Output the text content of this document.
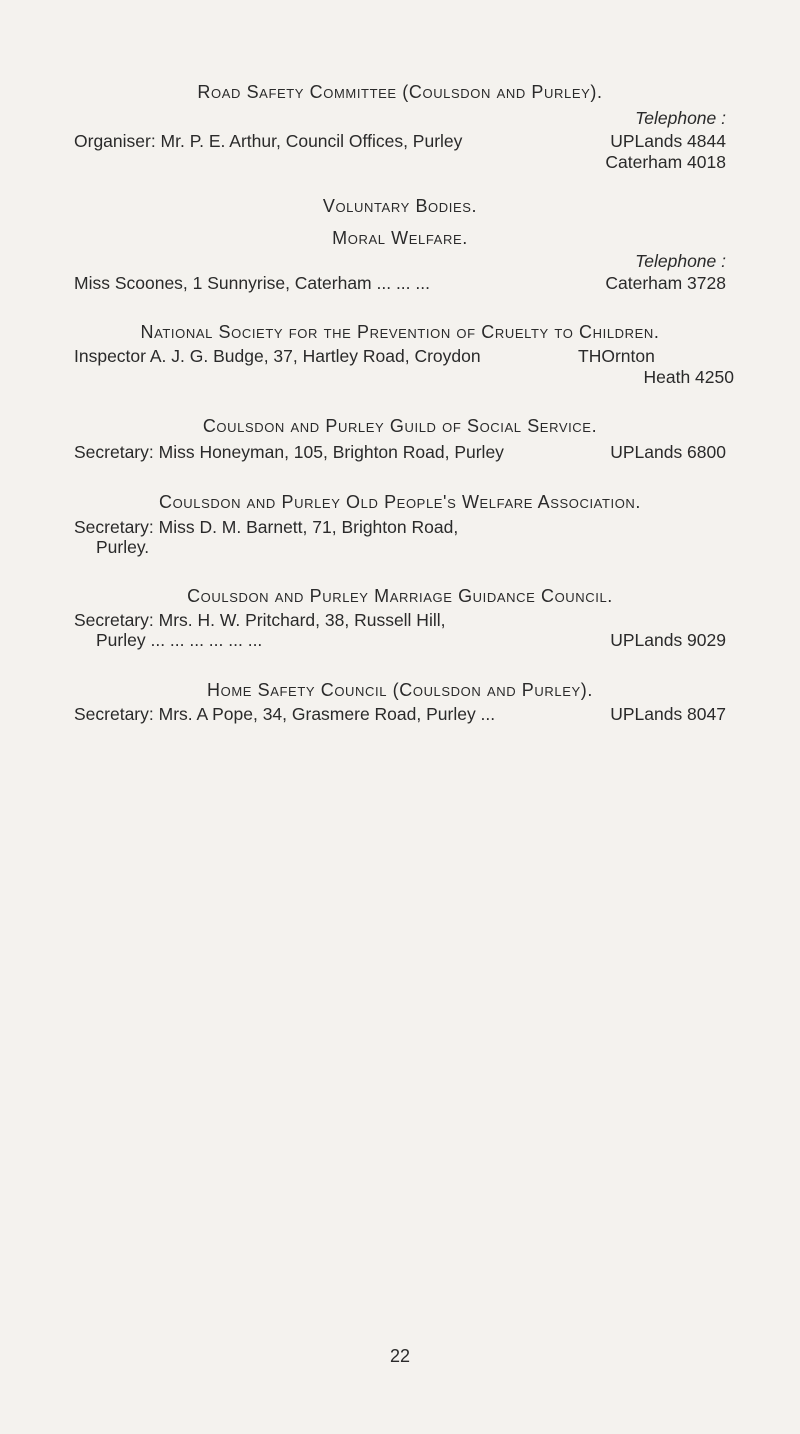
Road Safety Committee (Coulsdon and Purley).
Telephone :
Organiser: Mr. P. E. Arthur, Council Offices, Purley	UPLands 4844
Caterham 4018
Voluntary Bodies.
Moral Welfare.
Telephone :
Miss Scoones, 1 Sunnyrise, Caterham ... ... ...	Caterham 3728
National Society for the Prevention of Cruelty to Children.
Inspector A. J. G. Budge, 37, Hartley Road, Croydon	THOrnton
Heath 4250
Coulsdon and Purley Guild of Social Service.
Secretary: Miss Honeyman, 105, Brighton Road, Purley	UPLands 6800
Coulsdon and Purley Old People's Welfare Association.
Secretary: Miss D. M. Barnett, 71, Brighton Road,
Purley.
Coulsdon and Purley Marriage Guidance Council.
Secretary: Mrs. H. W. Pritchard, 38, Russell Hill,
Purley ... ... ... ... ... ...	UPLands 9029
Home Safety Council (Coulsdon and Purley).
Secretary: Mrs. A Pope, 34, Grasmere Road, Purley ...	UPLands 8047
22
